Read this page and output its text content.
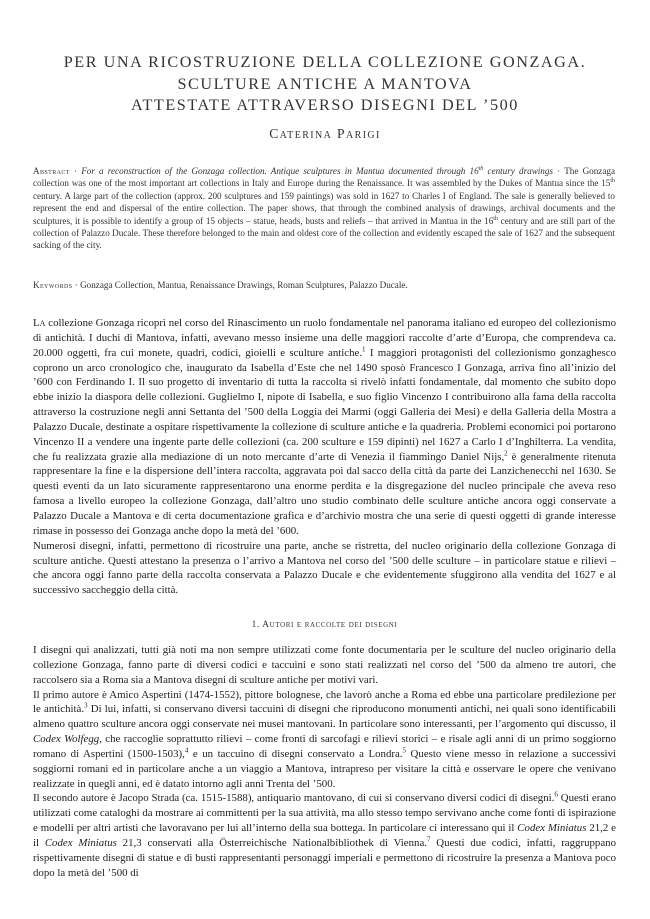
PER UNA RICOSTRUZIONE DELLA COLLEZIONE GONZAGA.
SCULTURE ANTICHE A MANTOVA
ATTESTATE ATTRAVERSO DISEGNI DEL ’500
Caterina Parigi
Abstract · For a reconstruction of the Gonzaga collection. Antique sculptures in Mantua documented through 16th century drawings · The Gonzaga collection was one of the most important art collections in Italy and Europe during the Renaissance. It was assembled by the Dukes of Mantua since the 15th century. A large part of the collection (approx. 200 sculptures and 159 paintings) was sold in 1627 to Charles I of England. The sale is generally believed to represent the end and dispersal of the entire collection. The paper shows, that through the combined analysis of drawings, archival documents and the sculptures, it is possible to identify a group of 15 objects – statue, heads, busts and reliefs – that arrived in Mantua in the 16th century and are still part of the collection of Palazzo Ducale. These therefore belonged to the main and oldest core of the collection and evidently escaped the sale of 1627 and the subsequent sacking of the city.
Keywords · Gonzaga Collection, Mantua, Renaissance Drawings, Roman Sculptures, Palazzo Ducale.

La collezione Gonzaga ricoprì nel corso del Rinascimento un ruolo fondamentale nel panorama italiano ed europeo del collezionismo di antichità. I duchi di Mantova, infatti, avevano messo insieme una delle maggiori raccolte d’arte d’Europa, che comprendeva ca. 20.000 oggetti, fra cui monete, quadri, codici, gioielli e sculture antiche.$^1$ I maggiori protagonisti del collezionismo gonzaghesco coprono un arco cronologico che, inaugurato da Isabella d’Este che nel 1490 sposò Francesco I Gonzaga, arriva fino all’inizio del ’600 con Ferdinando I. Il suo progetto di inventario di tutta la raccolta si rivelò infatti fondamentale, dal momento che subito dopo ebbe inizio la diaspora delle collezioni. Guglielmo I, nipote di Isabella, e suo figlio Vincenzo I contribuirono alla fama della raccolta attraverso la costruzione negli anni Settanta del ’500 della Loggia dei Marmi (oggi Galleria dei Mesi) e della Galleria della Mostra a Palazzo Ducale, destinate a ospitare rispettivamente la collezione di sculture antiche e la quadreria. Problemi economici poi portarono Vincenzo II a vendere una ingente parte delle collezioni (ca. 200 sculture e 159 dipinti) nel 1627 a Carlo I d’Inghilterra. La vendita, che fu realizzata grazie alla mediazione di un noto mercante d’arte di Venezia il fiammingo Daniel Nijs,$^2$ è generalmente ritenuta rappresentare la fine e la dispersione dell’intera raccolta, aggravata poi dal sacco della città da parte dei Lanzichenecchi nel 1630. Se questi eventi da un lato sicuramente rappresentarono una enorme perdita e la disgregazione del nucleo principale che aveva reso famosa a livello europeo la collezione Gonzaga, dall’altro uno studio combinato delle sculture antiche ancora oggi conservate a Palazzo Ducale a Mantova e di certa documentazione grafica e d’archivio mostra che una serie di questi oggetti di grande interesse rimase in possesso dei Gonzaga anche dopo la metà del ’600.

Numerosi disegni, infatti, permettono di ricostruire una parte, anche se ristretta, del nucleo originario della collezione Gonzaga di sculture antiche. Questi attestano la presenza o l’arrivo a Mantova nel corso del ’500 delle sculture – in particolare statue e rilievi – che ancora oggi fanno parte della raccolta conservata a Palazzo Ducale e che evidentemente sfuggirono alla vendita del 1627 e al successivo saccheggio della città.

1. Autori e raccolte dei disegni

I disegni qui analizzati, tutti già noti ma non sempre utilizzati come fonte documentaria per le sculture del nucleo originario della collezione Gonzaga, fanno parte di diversi codici e taccuini e sono stati realizzati nel corso del ’500 da almeno tre autori, che raccolsero sia a Roma sia a Mantova disegni di sculture antiche per motivi vari.

Il primo autore è Amico Aspertini (1474-1552), pittore bolognese, che lavorò anche a Roma ed ebbe una particolare predilezione per le antichità.$^3$ Di lui, infatti, si conservano diversi taccuini di disegni che riproducono monumenti antichi, nei quali sono identificabili almeno quattro sculture ancora oggi conservate nei musei mantovani. In particolare sono interessanti, per l’argomento qui discusso, il Codex Wolfegg, che raccoglie soprattutto rilievi – come fronti di sarcofagi e rilievi storici – e risale agli anni di un primo soggiorno romano di Aspertini (1500-1503),$^4$ e un taccuino di disegni conservato a Londra.$^5$ Questo viene messo in relazione a successivi soggiorni romani ed in particolare anche a un viaggio a Mantova, intrapreso per visitare la città e osservare le opere che venivano realizzate in quegli anni, ed è datato intorno agli anni Trenta del ’500.

Il secondo autore è Jacopo Strada (ca. 1515-1588), antiquario mantovano, di cui si conservano diversi codici di disegni.$^6$ Questi erano utilizzati come cataloghi da mostrare ai committenti per la sua attività, ma allo stesso tempo servivano anche come fonti di ispirazione e modelli per altri artisti che lavoravano per lui all’interno della sua bottega. In particolare ci interessano qui il Codex Miniatus 21,2 e il Codex Miniatus 21,3 conservati alla Österreichische Nationalbibliothek di Vienna.$^7$ Questi due codici, infatti, raggruppano rispettivamente disegni di statue e di busti rappresentanti personaggi imperiali e permettono di ricostruire la presenza a Mantova poco dopo la metà del ’500 di
